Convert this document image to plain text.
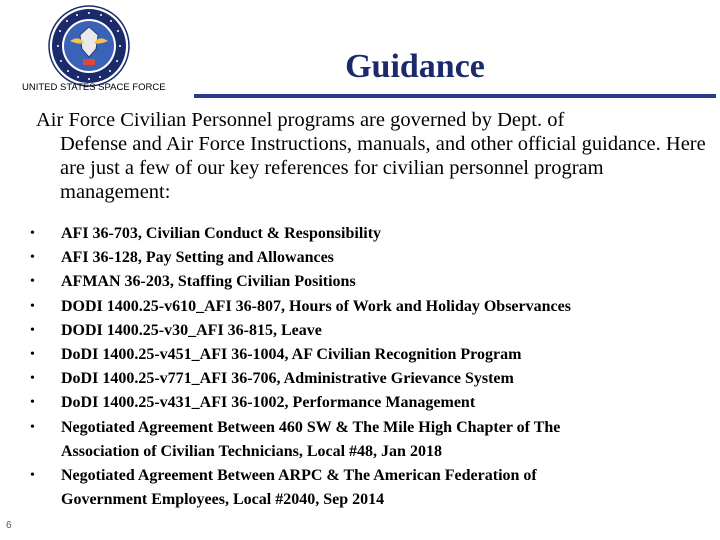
UNITED STATES SPACE FORCE
Guidance
Air Force Civilian Personnel programs are governed by Dept. of
Defense and Air Force Instructions, manuals, and other official guidance. Here are just a few of our key references for civilian personnel program management:
• AFI 36-703, Civilian Conduct & Responsibility
• AFI 36-128, Pay Setting and Allowances
• AFMAN 36-203, Staffing Civilian Positions
• DODI 1400.25-v610_AFI 36-807, Hours of Work and Holiday Observances
• DODI 1400.25-v30_AFI 36-815, Leave
• DoDI 1400.25-v451_AFI 36-1004, AF Civilian Recognition Program
• DoDI 1400.25-v771_AFI 36-706, Administrative Grievance System
• DoDI 1400.25-v431_AFI 36-1002, Performance Management
• Negotiated Agreement Between 460 SW & The Mile High Chapter of The
Association of Civilian Technicians, Local #48, Jan 2018
• Negotiated Agreement Between ARPC & The American Federation of
Government Employees, Local #2040, Sep 2014
6
